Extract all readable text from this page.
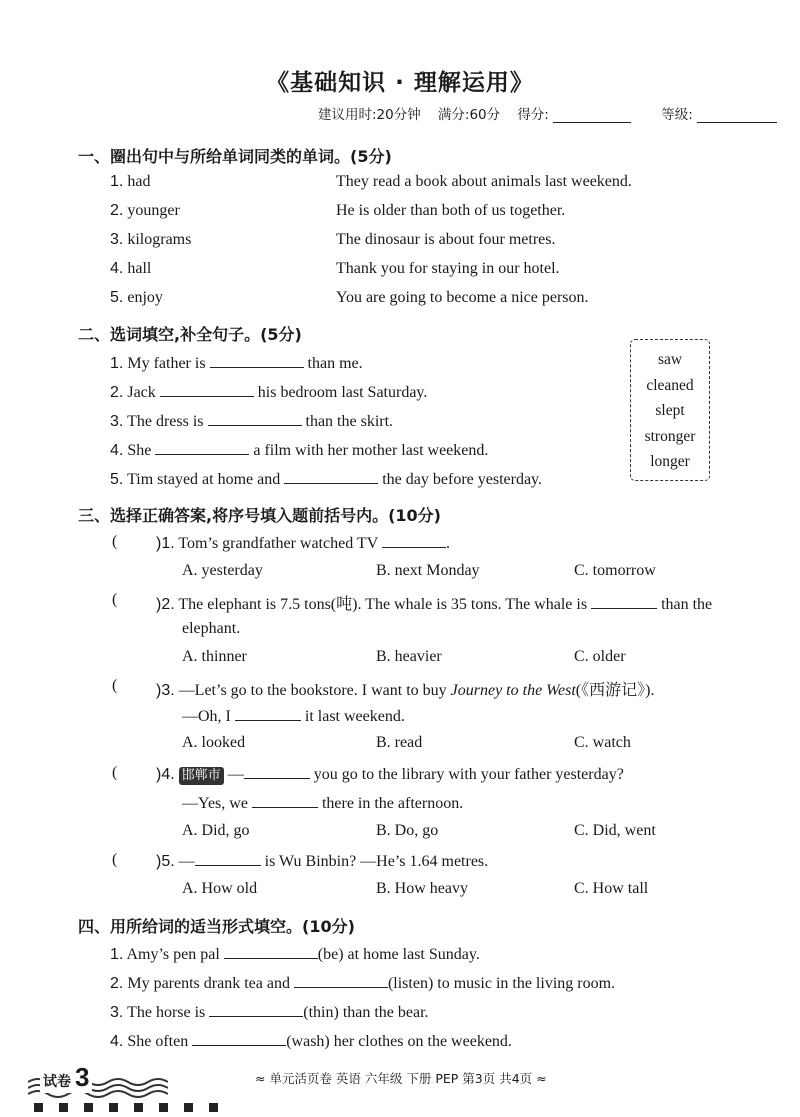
《基础知识 · 理解运用》
建议用时:20分钟 满分:60分 得分:	等级:
一、圈出句中与所给单词同类的单词。(5分)
1. had	They read a book about animals last weekend.
2. younger	He is older than both of us together.
3. kilograms	The dinosaur is about four metres.
4. hall	Thank you for staying in our hotel.
5. enjoy	You are going to become a nice person.
二、选词填空,补全句子。(5分)
1. My father is	than me.
2. Jack	his bedroom last Saturday.
3. The dress is	than the skirt.
4. She	a film with her mother last weekend.
5. Tim stayed at home and	the day before yesterday.
saw
cleaned
slept
stronger
longer
三、选择正确答案,将序号填入题前括号内。(10分)
( )1. Tom’s grandfather watched TV	.
A. yesterday	B. next Monday	C. tomorrow
( )2. The elephant is 7.5 tons(吨). The whale is 35 tons. The whale is	than the
elephant.
A. thinner	B. heavier	C. older
( )3. —Let’s go to the bookstore. I want to buy Journey to the West(《西游记》).
—Oh, I	it last weekend.
A. looked	B. read	C. watch
( )4. 邯郸市 —	you go to the library with your father yesterday?
—Yes, we	there in the afternoon.
A. Did, go	B. Do, go	C. Did, went
( )5. —	is Wu Binbin? —He’s 1.64 metres.
A. How old	B. How heavy	C. How tall
四、用所给词的适当形式填空。(10分)
1. Amy’s pen pal	(be) at home last Sunday.
2. My parents drank tea and	(listen) to music in the living room.
3. The horse is	(thin) than the bear.
4. She often	(wash) her clothes on the weekend.
试卷 3	≈ 单元活页卷 英语 六年级 下册 PEP 第3页 共4页 ≈
